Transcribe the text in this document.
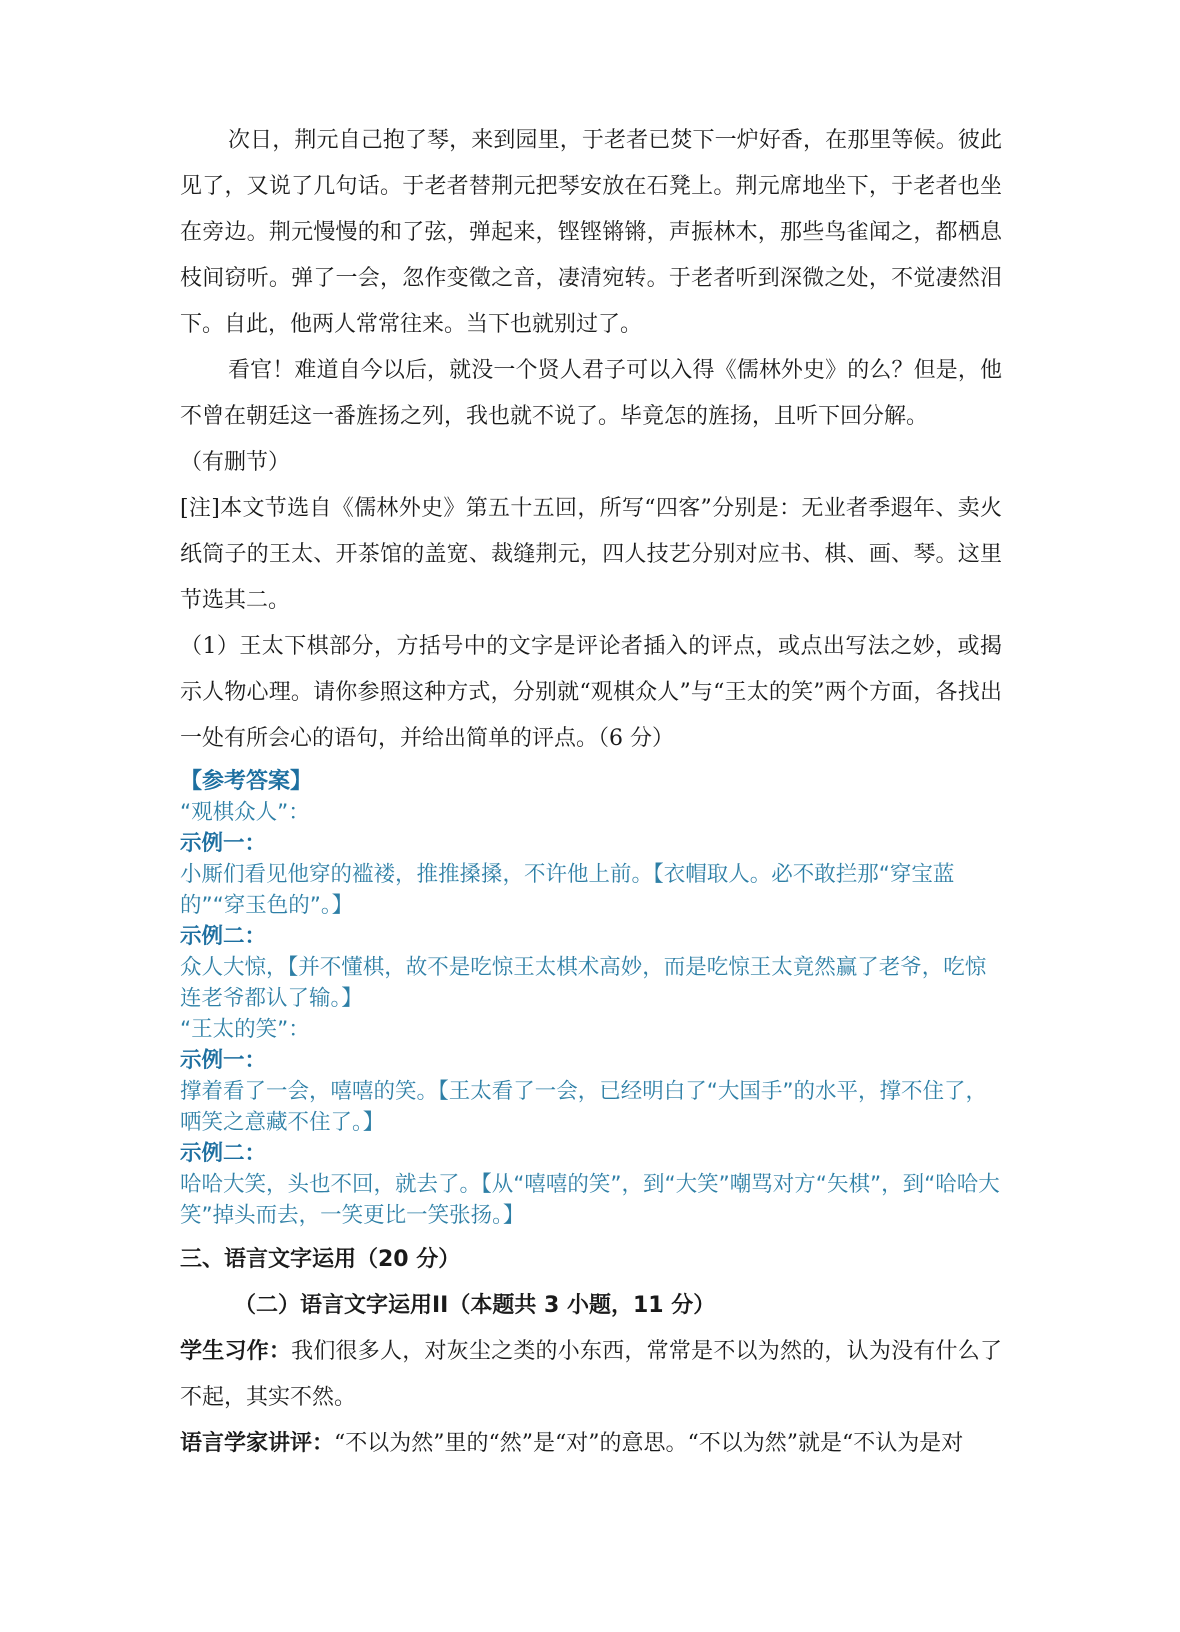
次日，荆元自己抱了琴，来到园里，于老者已焚下一炉好香，在那里等候。彼此见了，又说了几句话。于老者替荆元把琴安放在石凳上。荆元席地坐下，于老者也坐在旁边。荆元慢慢的和了弦，弹起来，铿铿锵锵，声振林木，那些鸟雀闻之，都栖息枝间窃听。弹了一会，忽作变徵之音，凄清宛转。于老者听到深微之处，不觉凄然泪下。自此，他两人常常往来。当下也就别过了。

看官！难道自今以后，就没一个贤人君子可以入得《儒林外史》的么？但是，他不曾在朝廷这一番旌扬之列，我也就不说了。毕竟怎的旌扬，且听下回分解。

（有删节）

[注]本文节选自《儒林外史》第五十五回，所写“四客”分别是：无业者季遐年、卖火纸筒子的王太、开茶馆的盖宽、裁缝荆元，四人技艺分别对应书、棋、画、琴。这里节选其二。

（1）王太下棋部分，方括号中的文字是评论者插入的评点，或点出写法之妙，或揭示人物心理。请你参照这种方式，分别就“观棋众人”与“王太的笑”两个方面，各找出一处有所会心的语句，并给出简单的评点。（6 分）

【参考答案】

“观棋众人”：

示例一：

小厮们看见他穿的褴褛，推推搡搡，不许他上前。【衣帽取人。必不敢拦那“穿宝蓝的”“穿玉色的”。】

示例二：

众人大惊，【并不懂棋，故不是吃惊王太棋术高妙，而是吃惊王太竟然赢了老爷，吃惊连老爷都认了输。】

“王太的笑”：

示例一：

撑着看了一会，嘻嘻的笑。【王太看了一会，已经明白了“大国手”的水平，撑不住了，哂笑之意藏不住了。】

示例二：

哈哈大笑，头也不回，就去了。【从“嘻嘻的笑”，到“大笑”嘲骂对方“矢棋”，到“哈哈大笑”掉头而去，一笑更比一笑张扬。】

三、语言文字运用（20 分）

（二）语言文字运用II（本题共 3 小题，11 分）

学生习作：我们很多人，对灰尘之类的小东西，常常是不以为然的，认为没有什么了不起，其实不然。

语言学家讲评：“不以为然”里的“然”是“对”的意思。“不以为然”就是“不认为是对
